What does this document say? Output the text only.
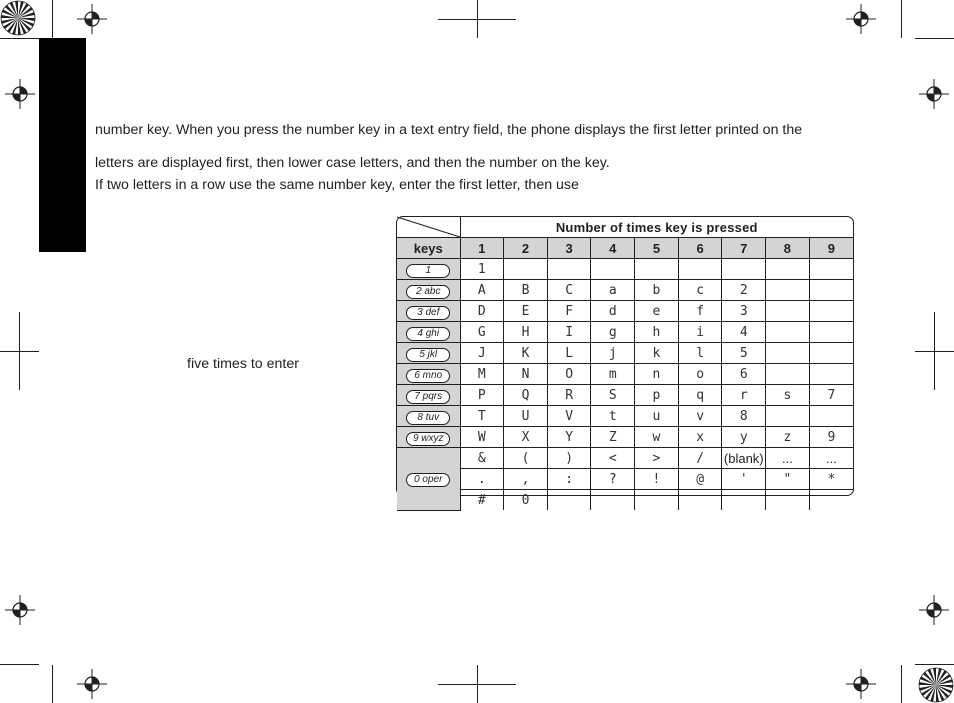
number key. When you press the number key in a text entry field, the phone displays the first letter printed on the
letters are displayed first, then lower case letters, and then the number on the key.
If two letters in a row use the same number key, enter the first letter, then use
five times to enter
	Number of times key is pressed								
keys	1	2	3	4	5	6	7	8	9
1	1								
2 abc	A	B	C	a	b	c	2		
3 def	D	E	F	d	e	f	3		
4 ghi	G	H	I	g	h	i	4		
5 jkl	J	K	L	j	k	l	5		
6 mno	M	N	O	m	n	o	6		
7 pqrs	P	Q	R	S	p	q	r	s	7
8 tuv	T	U	V	t	u	v	8		
9 wxyz	W	X	Y	Z	w	x	y	z	9
0 oper	&	(	)	<	>	/	(blank)	...	...
	.	,	:	?	!	@	'	"	*
	#	0							
